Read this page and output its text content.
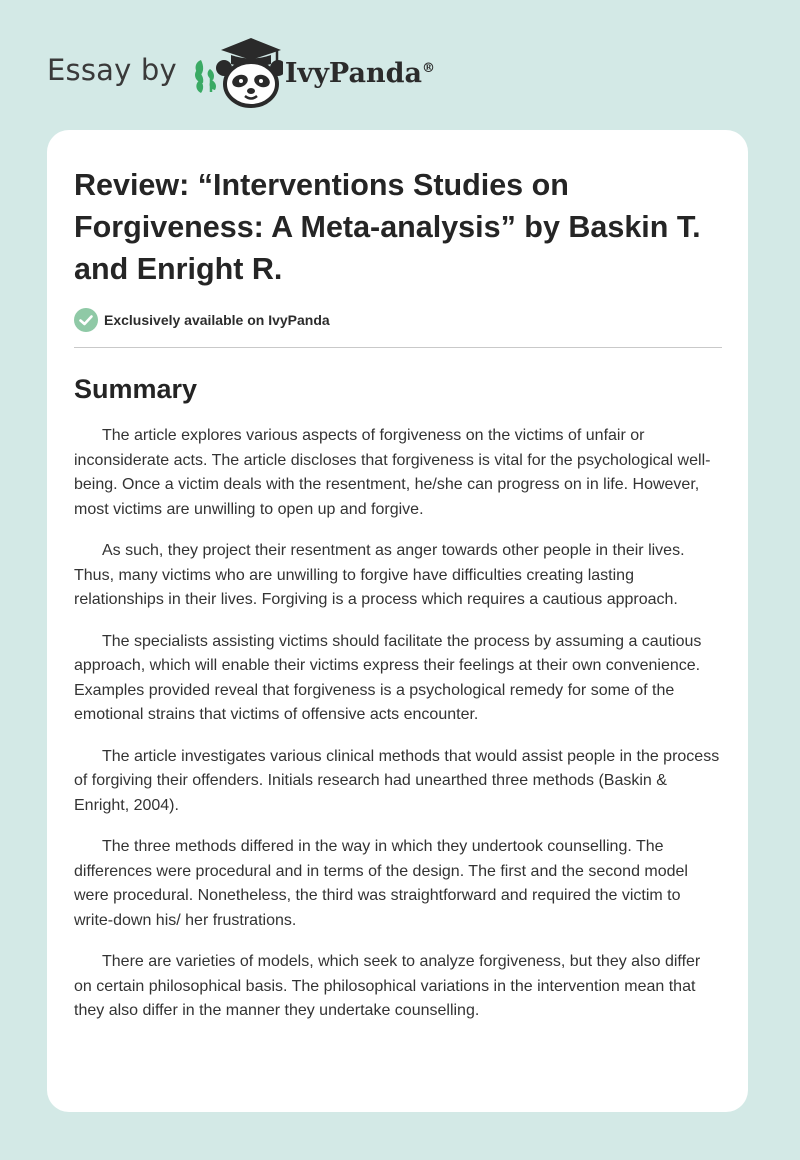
Essay by	IvyPanda®
Review: “Interventions Studies on Forgiveness: A Meta-analysis” by Baskin T. and Enright R.
Exclusively available on IvyPanda
Summary

The article explores various aspects of forgiveness on the victims of unfair or inconsiderate acts. The article discloses that forgiveness is vital for the psychological well-being. Once a victim deals with the resentment, he/she can progress on in life. However, most victims are unwilling to open up and forgive.

As such, they project their resentment as anger towards other people in their lives. Thus, many victims who are unwilling to forgive have difficulties creating lasting relationships in their lives. Forgiving is a process which requires a cautious approach.

The specialists assisting victims should facilitate the process by assuming a cautious approach, which will enable their victims express their feelings at their own convenience. Examples provided reveal that forgiveness is a psychological remedy for some of the emotional strains that victims of offensive acts encounter.

The article investigates various clinical methods that would assist people in the process of forgiving their offenders. Initials research had unearthed three methods (Baskin & Enright, 2004).

The three methods differed in the way in which they undertook counselling. The differences were procedural and in terms of the design. The first and the second model were procedural. Nonetheless, the third was straightforward and required the victim to write-down his/ her frustrations.

There are varieties of models, which seek to analyze forgiveness, but they also differ on certain philosophical basis. The philosophical variations in the intervention mean that they also differ in the manner they undertake counselling.
